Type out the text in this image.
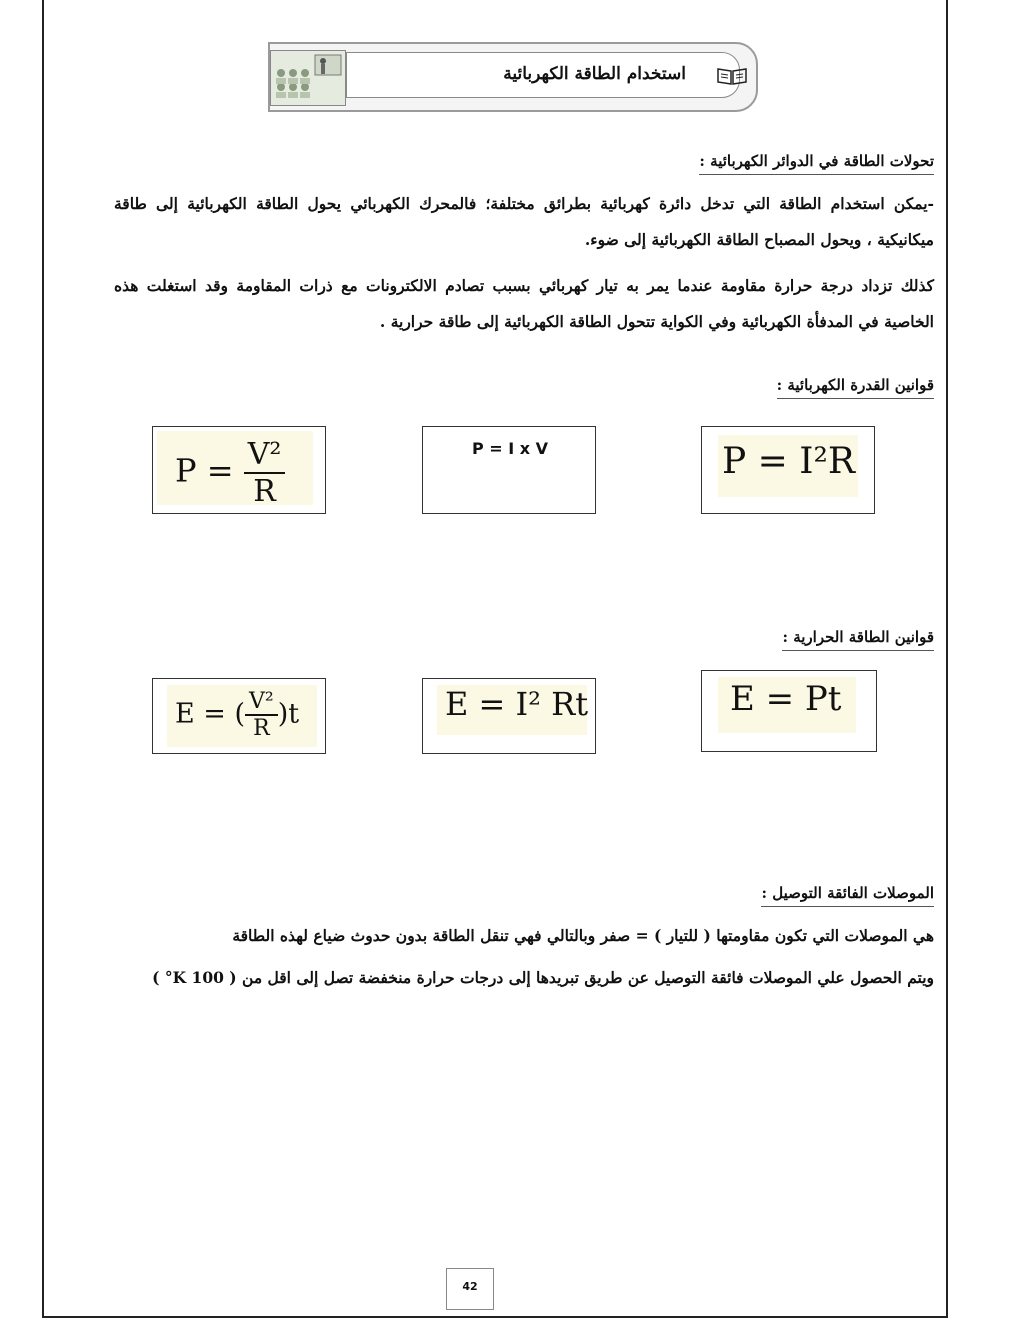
استخدام الطاقة الكهربائية
تحولات الطاقة في الدوائر الكهربائية :
-يمكن استخدام الطاقة التي تدخل دائرة كهربائية بطرائق مختلفة؛ فالمحرك الكهربائي يحول الطاقة الكهربائية إلى طاقة ميكانيكية ، ويحول المصباح الطاقة الكهربائية إلى ضوء.
كذلك تزداد درجة حرارة مقاومة عندما يمر به تيار كهربائي بسبب تصادم الالكترونات مع ذرات المقاومة وقد استغلت هذه الخاصية في المدفأة الكهربائية وفي الكواية تتحول الطاقة الكهربائية إلى طاقة حرارية .
قوانين القدرة الكهربائية :
$P = \frac{\text{V²}}{R}$	P = I x V	P = I²R
قوانين الطاقة الحرارية :
E = ( $\frac{\text{V²}}{R} )t$	E = I² Rt	E = Pt
الموصلات الفائقة التوصيل :
هي الموصلات التي تكون مقاومتها ( للتيار ) = صفر وبالتالي فهي تنقل الطاقة بدون حدوث ضياع لهذه الطاقة
ويتم الحصول علي الموصلات فائقة التوصيل عن طريق تبريدها إلى درجات حرارة منخفضة تصل إلى اقل من ( 100 K° )
42
